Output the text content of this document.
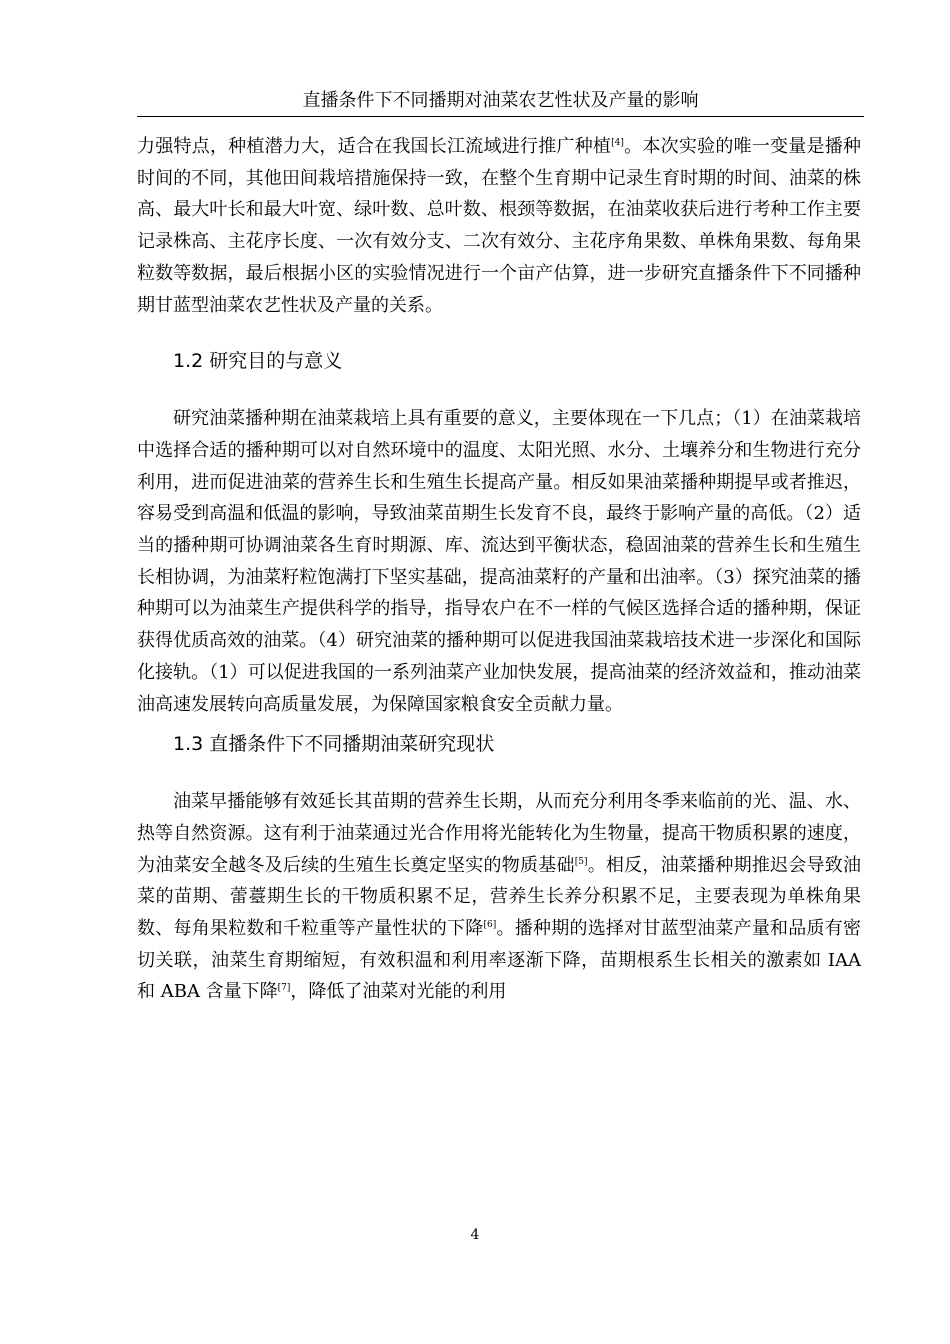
直播条件下不同播期对油菜农艺性状及产量的影响

力强特点，种植潜力大，适合在我国长江流域进行推广种植[4]。本次实验的唯一变量是播种时间的不同，其他田间栽培措施保持一致，在整个生育期中记录生育时期的时间、油菜的株高、最大叶长和最大叶宽、绿叶数、总叶数、根颈等数据，在油菜收获后进行考种工作主要记录株高、主花序长度、一次有效分支、二次有效分、主花序角果数、单株角果数、每角果粒数等数据，最后根据小区的实验情况进行一个亩产估算，进一步研究直播条件下不同播种期甘蓝型油菜农艺性状及产量的关系。

1.2 研究目的与意义

研究油菜播种期在油菜栽培上具有重要的意义，主要体现在一下几点；（1）在油菜栽培中选择合适的播种期可以对自然环境中的温度、太阳光照、水分、土壤养分和生物进行充分利用，进而促进油菜的营养生长和生殖生长提高产量。相反如果油菜播种期提早或者推迟，容易受到高温和低温的影响，导致油菜苗期生长发育不良，最终于影响产量的高低。（2）适当的播种期可协调油菜各生育时期源、库、流达到平衡状态，稳固油菜的营养生长和生殖生长相协调，为油菜籽粒饱满打下坚实基础，提高油菜籽的产量和出油率。（3）探究油菜的播种期可以为油菜生产提供科学的指导，指导农户在不一样的气候区选择合适的播种期，保证获得优质高效的油菜。（4）研究油菜的播种期可以促进我国油菜栽培技术进一步深化和国际化接轨。（1）可以促进我国的一系列油菜产业加快发展，提高油菜的经济效益和，推动油菜油高速发展转向高质量发展，为保障国家粮食安全贡献力量。

1.3 直播条件下不同播期油菜研究现状

油菜早播能够有效延长其苗期的营养生长期，从而充分利用冬季来临前的光、温、水、热等自然资源。这有利于油菜通过光合作用将光能转化为生物量，提高干物质积累的速度，为油菜安全越冬及后续的生殖生长奠定坚实的物质基础[5]。相反，油菜播种期推迟会导致油菜的苗期、蕾薹期生长的干物质积累不足，营养生长养分积累不足，主要表现为单株角果数、每角果粒数和千粒重等产量性状的下降[6]。播种期的选择对甘蓝型油菜产量和品质有密切关联，油菜生育期缩短，有效积温和利用率逐渐下降，苗期根系生长相关的激素如 IAA 和 ABA 含量下降[7]，降低了油菜对光能的利用

4
